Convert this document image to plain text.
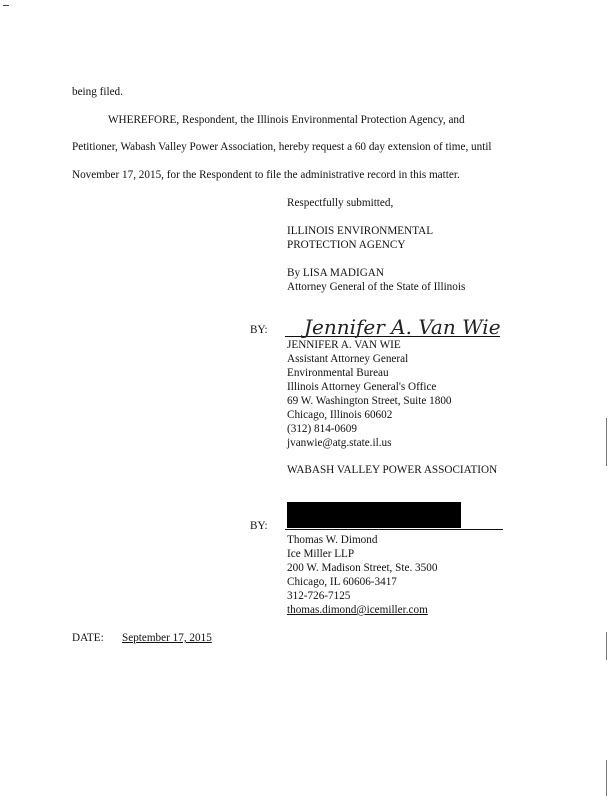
being filed.
WHEREFORE, Respondent, the Illinois Environmental Protection Agency, and
Petitioner, Wabash Valley Power Association, hereby request a 60 day extension of time, until
November 17, 2015, for the Respondent to file the administrative record in this matter.
Respectfully submitted,
ILLINOIS ENVIRONMENTAL
PROTECTION AGENCY
By LISA MADIGAN
Attorney General of the State of Illinois
BY: Jennifer A. Van Wie
JENNIFER A. VAN WIE
Assistant Attorney General
Environmental Bureau
Illinois Attorney General's Office
69 W. Washington Street, Suite 1800
Chicago, Illinois 60602
(312) 814-0609
jvanwie@atg.state.il.us
WABASH VALLEY POWER ASSOCIATION
BY:
Thomas W. Dimond
Ice Miller LLP
200 W. Madison Street, Ste. 3500
Chicago, IL 60606-3417
312-726-7125
thomas.dimond@icemiller.com
DATE: September 17, 2015
